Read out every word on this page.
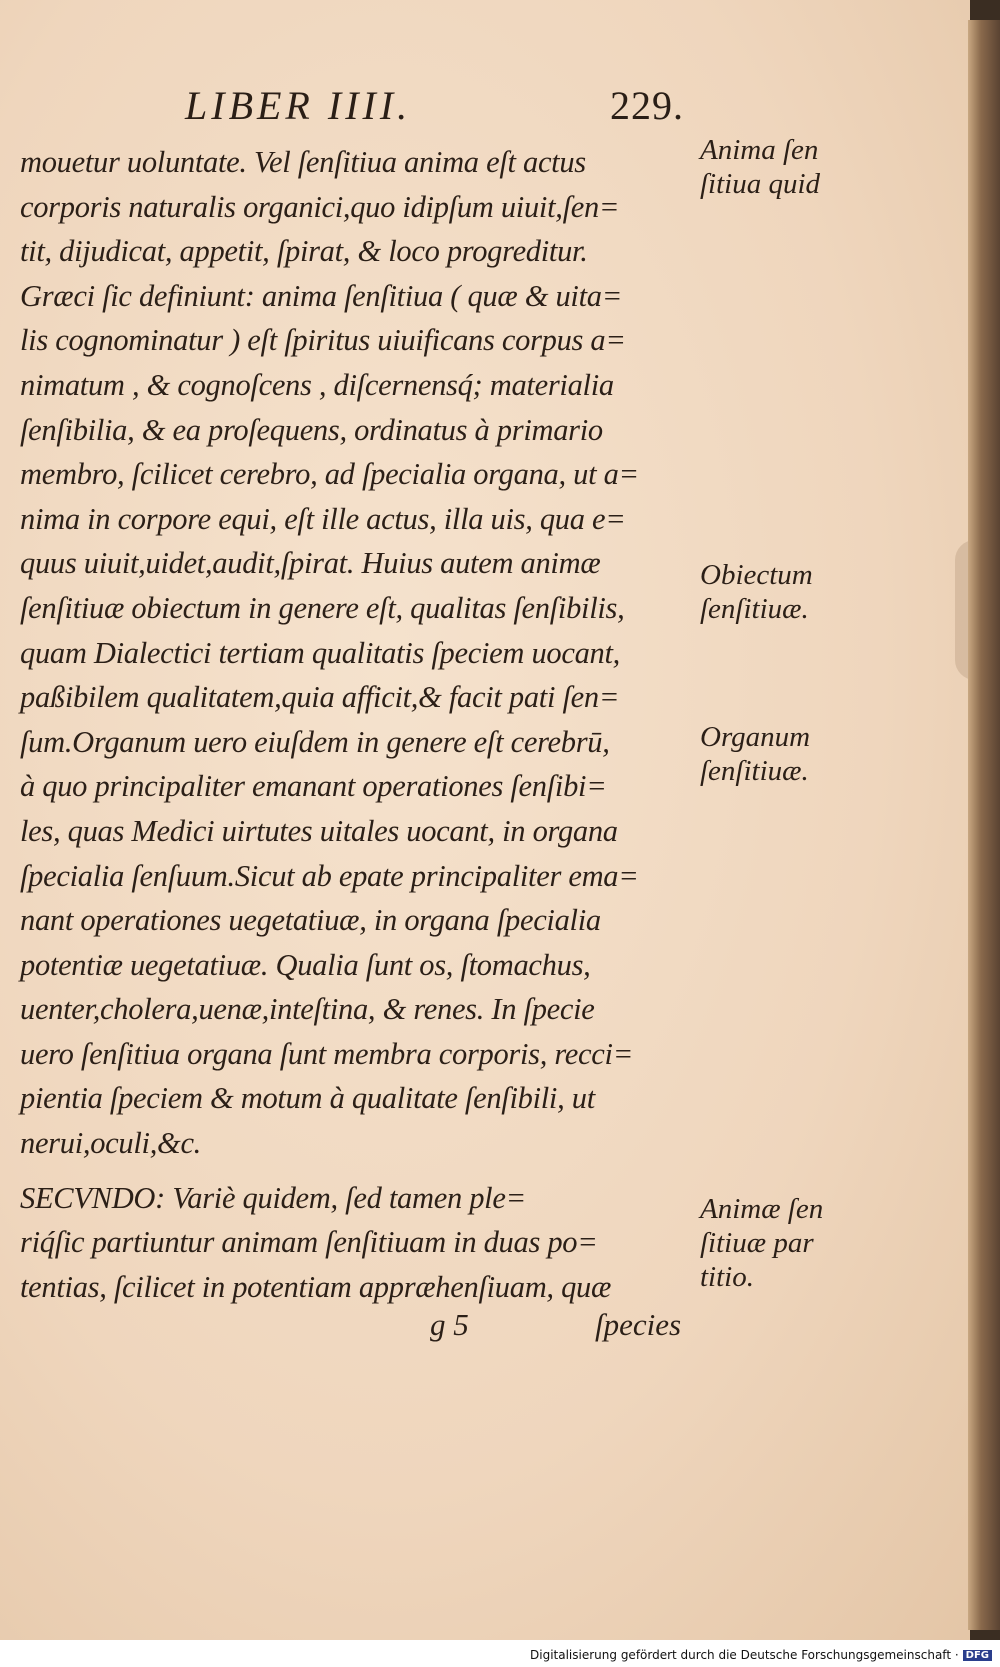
LIBER IIII.	229.
mouetur uoluntate. Vel ſenſitiua anima eſt actus
corporis naturalis organici,quo idipſum uiuit,ſen=
tit, dijudicat, appetit, ſpirat, & loco progreditur.
Græci ſic definiunt: anima ſenſitiua ( quæ & uita=
lis cognominatur ) eſt ſpiritus uiuificans corpus a=
nimatum , & cognoſcens , diſcernensq́; materialia
ſenſibilia, & ea proſequens, ordinatus à primario
membro, ſcilicet cerebro, ad ſpecialia organa, ut a=
nima in corpore equi, eſt ille actus, illa uis, qua e=
quus uiuit,uidet,audit,ſpirat. Huius autem animæ
ſenſitiuæ obiectum in genere eſt, qualitas ſenſibilis,
quam Dialectici tertiam qualitatis ſpeciem uocant,
paßibilem qualitatem,quia afficit,& facit pati ſen=
ſum.Organum uero eiuſdem in genere eſt cerebrū,
à quo principaliter emanant operationes ſenſibi=
les, quas Medici uirtutes uitales uocant, in organa
ſpecialia ſenſuum.Sicut ab epate principaliter ema=
nant operationes uegetatiuæ, in organa ſpecialia
potentiæ uegetatiuæ. Qualia ſunt os, ſtomachus,
uenter,cholera,uenæ,inteſtina, & renes. In ſpecie
uero ſenſitiua organa ſunt membra corporis, recci=
pientia ſpeciem & motum à qualitate ſenſibili, ut
nerui,oculi,&c.
SECVNDO: Variè quidem, ſed tamen ple=
riq́ſic partiuntur animam ſenſitiuam in duas po=
tentias, ſcilicet in potentiam appræhenſiuam, quæ
Anima ſen
ſitiua quid
Obiectum
ſenſitiuæ.
Organum
ſenſitiuæ.
Animæ ſen
ſitiuæ par
titio.
g 5	ſpecies
Digitalisierung gefördert durch die Deutsche Forschungsgemeinschaft · DFG
